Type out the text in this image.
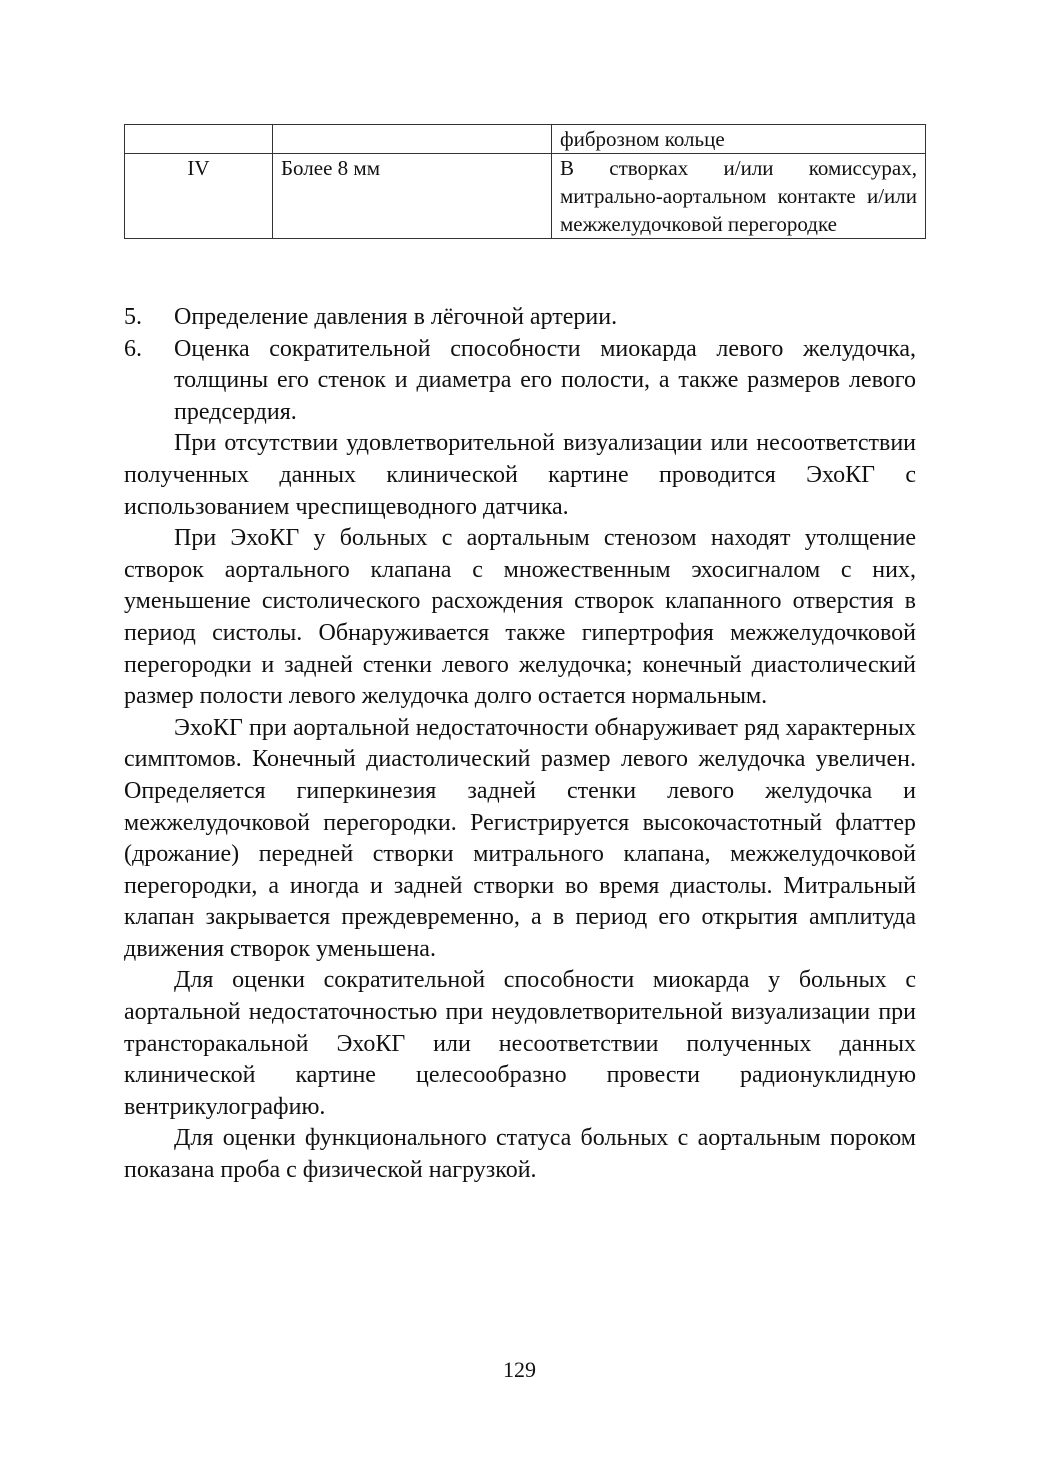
		фиброзном кольце
IV	Более 8 мм	В створках и/или комиссурах, митрально-аортальном контакте и/или межжелудочковой перегородке
5.	Определение давления в лёгочной артерии.
6.	Оценка сократительной способности миокарда левого желудочка, толщины его стенок и диаметра его полости, а также размеров левого предсердия.

При отсутствии удовлетворительной визуализации или несоответствии полученных данных клинической картине проводится ЭхоКГ с использованием чреспищеводного датчика.

При ЭхоКГ у больных с аортальным стенозом находят утолщение створок аортального клапана с множественным эхосигналом с них, уменьшение систолического расхождения створок клапанного отверстия в период систолы. Обнаруживается также гипертрофия межжелудочковой перегородки и задней стенки левого желудочка; конечный диастолический размер полости левого желудочка долго остается нормальным.

ЭхоКГ при аортальной недостаточности обнаруживает ряд характерных симптомов. Конечный диастолический размер левого желудочка увеличен. Определяется гиперкинезия задней стенки левого желудочка и межжелудочковой перегородки. Регистрируется высокочастотный флаттер (дрожание) передней створки митрального клапана, межжелудочковой перегородки, а иногда и задней створки во время диастолы. Митральный клапан закрывается преждевременно, а в период его открытия амплитуда движения створок уменьшена.

Для оценки сократительной способности миокарда у больных с аортальной недостаточностью при неудовлетворительной визуализации при трансторакальной ЭхоКГ или несоответствии полученных данных клинической картине целесообразно провести радионуклидную вентрикулографию.

Для оценки функционального статуса больных с аортальным пороком показана проба с физической нагрузкой.

129
